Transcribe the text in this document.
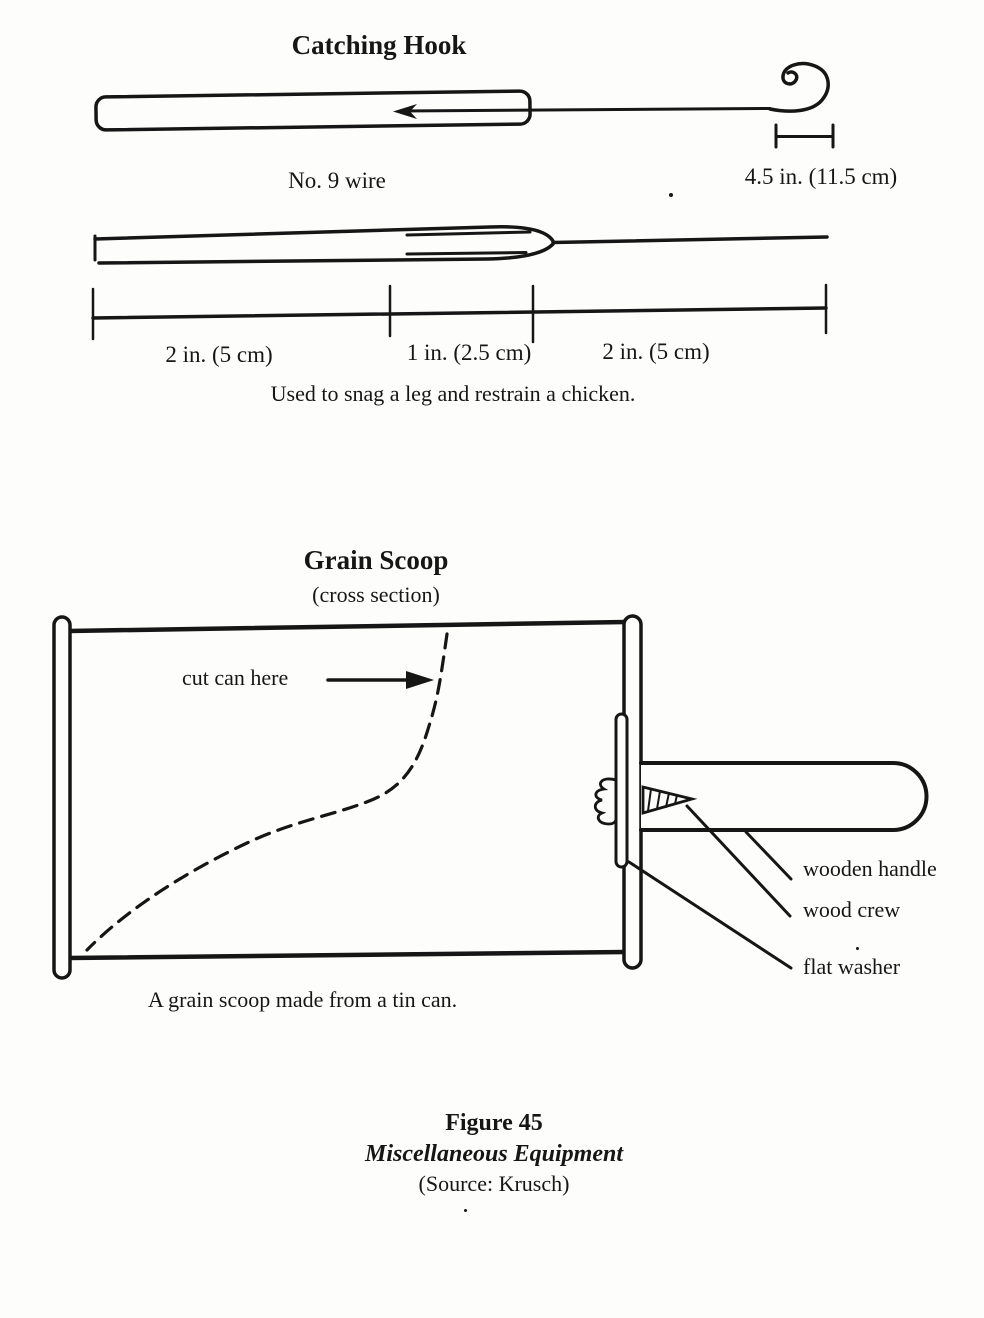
Catching Hook
No. 9 wire	4.5 in. (11.5 cm)
2 in. (5 cm)	1 in. (2.5 cm)	2 in. (5 cm)
Used to snag a leg and restrain a chicken.
Grain Scoop
(cross section)
cut can here
wooden handle
wood crew
flat washer
A grain scoop made from a tin can.
Figure 45
Miscellaneous Equipment
(Source: Krusch)
